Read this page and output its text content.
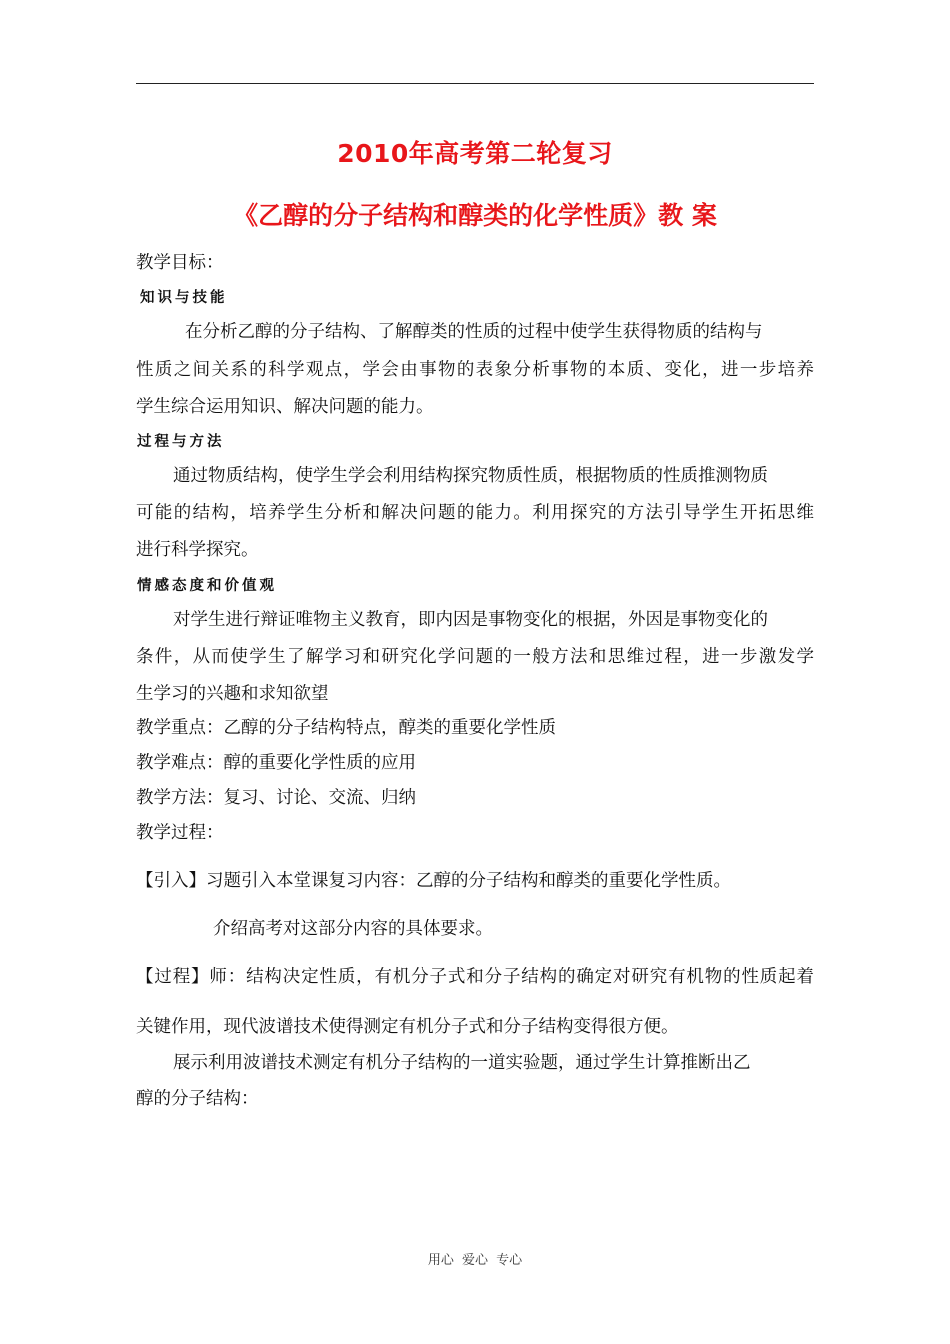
2010年高考第二轮复习
《乙醇的分子结构和醇类的化学性质》教 案
教学目标：
知识与技能
在分析乙醇的分子结构、了解醇类的性质的过程中使学生获得物质的结构与
性质之间关系的科学观点，学会由事物的表象分析事物的本质、变化，进一步培养
学生综合运用知识、解决问题的能力。
过程与方法
通过物质结构，使学生学会利用结构探究物质性质，根据物质的性质推测物质
可能的结构，培养学生分析和解决问题的能力。利用探究的方法引导学生开拓思维
进行科学探究。
情感态度和价值观
对学生进行辩证唯物主义教育，即内因是事物变化的根据，外因是事物变化的
条件，从而使学生了解学习和研究化学问题的一般方法和思维过程，进一步激发学
生学习的兴趣和求知欲望
教学重点：乙醇的分子结构特点，醇类的重要化学性质
教学难点：醇的重要化学性质的应用
教学方法：复习、讨论、交流、归纳
教学过程：
【引入】习题引入本堂课复习内容：乙醇的分子结构和醇类的重要化学性质。
介绍高考对这部分内容的具体要求。
【过程】师：结构决定性质，有机分子式和分子结构的确定对研究有机物的性质起着
关键作用，现代波谱技术使得测定有机分子式和分子结构变得很方便。
展示利用波谱技术测定有机分子结构的一道实验题，通过学生计算推断出乙
醇的分子结构：
用心 爱心 专心
